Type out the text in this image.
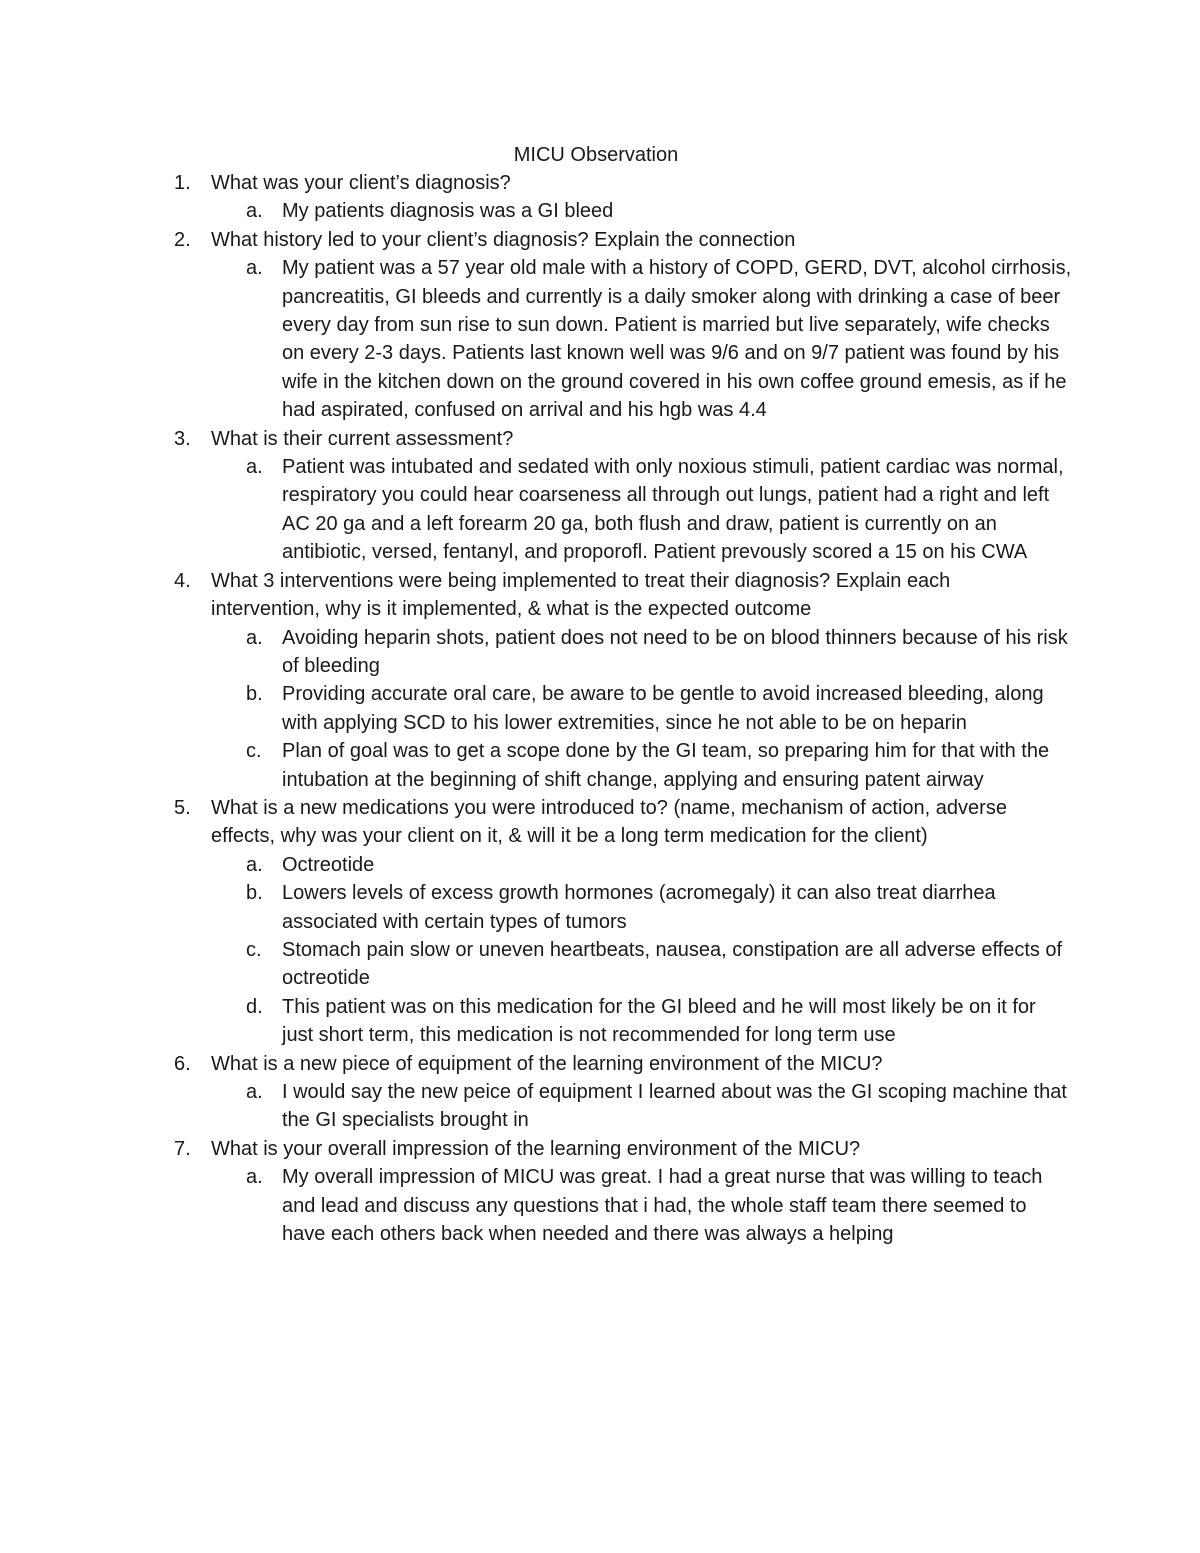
MICU Observation
1. What was your client’s diagnosis?
a. My patients diagnosis was a GI bleed
2. What history led to your client’s diagnosis? Explain the connection
a. My patient was a 57 year old male with a history of COPD, GERD, DVT, alcohol cirrhosis, pancreatitis, GI bleeds and currently is a daily smoker along with drinking a case of beer every day from sun rise to sun down. Patient is married but live separately, wife checks on every 2-3 days. Patients last known well was 9/6 and on 9/7 patient was found by his wife in the kitchen down on the ground covered in his own coffee ground emesis, as if he had aspirated, confused on arrival and his hgb was 4.4
3. What is their current assessment?
a. Patient was intubated and sedated with only noxious stimuli, patient cardiac was normal, respiratory you could hear coarseness all through out lungs, patient had a right and left AC 20 ga and a left forearm 20 ga, both flush and draw, patient is currently on an antibiotic, versed, fentanyl, and proporofl. Patient prevously scored a 15 on his CWA
4. What 3 interventions were being implemented to treat their diagnosis? Explain each intervention, why is it implemented, & what is the expected outcome
a. Avoiding heparin shots, patient does not need to be on blood thinners because of his risk of bleeding
b. Providing accurate oral care, be aware to be gentle to avoid increased bleeding, along with applying SCD to his lower extremities, since he not able to be on heparin
c. Plan of goal was to get a scope done by the GI team, so preparing him for that with the intubation at the beginning of shift change, applying and ensuring patent airway
5. What is a new medications you were introduced to? (name, mechanism of action, adverse effects, why was your client on it, & will it be a long term medication for the client)
a. Octreotide
b. Lowers levels of excess growth hormones (acromegaly) it can also treat diarrhea associated with certain types of tumors
c. Stomach pain slow or uneven heartbeats, nausea, constipation are all adverse effects of octreotide
d. This patient was on this medication for the GI bleed and he will most likely be on it for just short term, this medication is not recommended for long term use
6. What is a new piece of equipment of the learning environment of the MICU?
a. I would say the new peice of equipment I learned about was the GI scoping machine that the GI specialists brought in
7. What is your overall impression of the learning environment of the MICU?
a. My overall impression of MICU was great. I had a great nurse that was willing to teach and lead and discuss any questions that i had, the whole staff team there seemed to have each others back when needed and there was always a helping
